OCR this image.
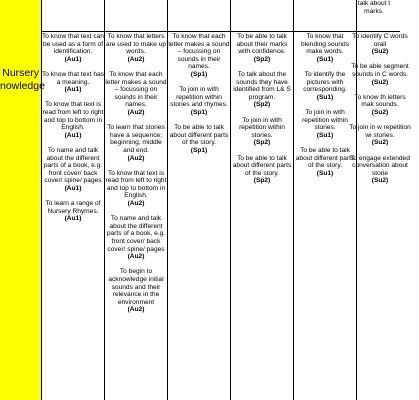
Nursery
nowledge

To know that text can be used as a form of identification.
(Au1)

To know that text has a meaning.
(Au1)

To know that text is read from left to right and top to bottom in English.
(Au1)

To name and talk about the different parts of a book, e.g. front cover/ back cover/ spine/ pages
(Au1)

To learn a range of Nursery Rhymes.
(Au1)

To know that letters are used to make up words.
(Au2)

To know that each letter makes a sound – focussing on sounds in their names.
(Au2)

To learn that stories have a sequence; beginning, middle and end.
(Au2)

To know that text is read from left to right and top to bottom in English.
(Au2)

To name and talk about the different parts of a book, e.g. front cover/ back cover/ spine/ pages
(Au2)

To begin to acknowledge initial sounds and their relevance in the environment
(Au2)

To know that each letter makes a sound – focussing on sounds in their names.
(Sp1)

To join in with repetition within stories and rhymes.
(Sp1)

To be able to talk about different parts of the story.
(Sp1)

To be able to talk about their marks with confidence.
(Sp2)

To talk about the sounds they have identified from L& S program.
(Sp2)

To join in with repetition within stories.
(Sp2)

To be able to talk about different parts of the story.
(Sp2)

To know that blending sounds make words.
(Su1)

To identify the pictures with corresponding.
(Su1)

To join in with repetition within stories.
(Su1)

To be able to talk about different parts of the story.
(Su1)

talk about t
marks.

To identify C words orall
(Su2)

To be able segment sounds in C words.
(Su2)

To know th letters mak sounds.
(Su2)

To join in w repetition wi stories.
(Su2)

To engage extended conversation about storie
(Su2)
